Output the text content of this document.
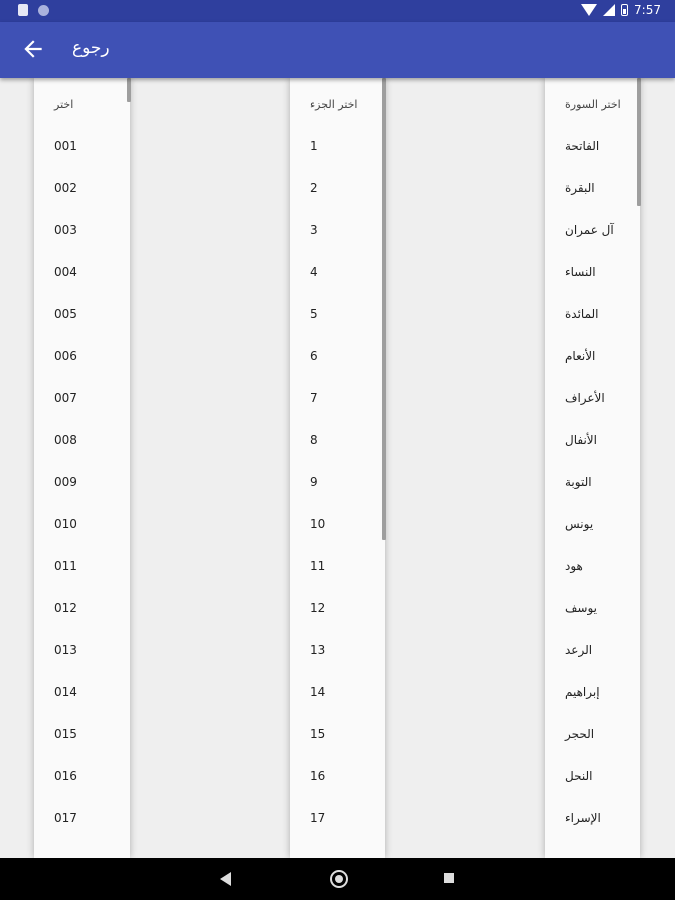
7:57
رجوع
اختر
001
002
003
004
005
006
007
008
009
010
011
012
013
014
015
016
017
اختر الجزء
1
2
3
4
5
6
7
8
9
10
11
12
13
14
15
16
17
اختر السورة
الفاتحة
البقرة
آل عمران
النساء
المائدة
الأنعام
الأعراف
الأنفال
التوبة
يونس
هود
يوسف
الرعد
إبراهيم
الحجر
النحل
الإسراء
